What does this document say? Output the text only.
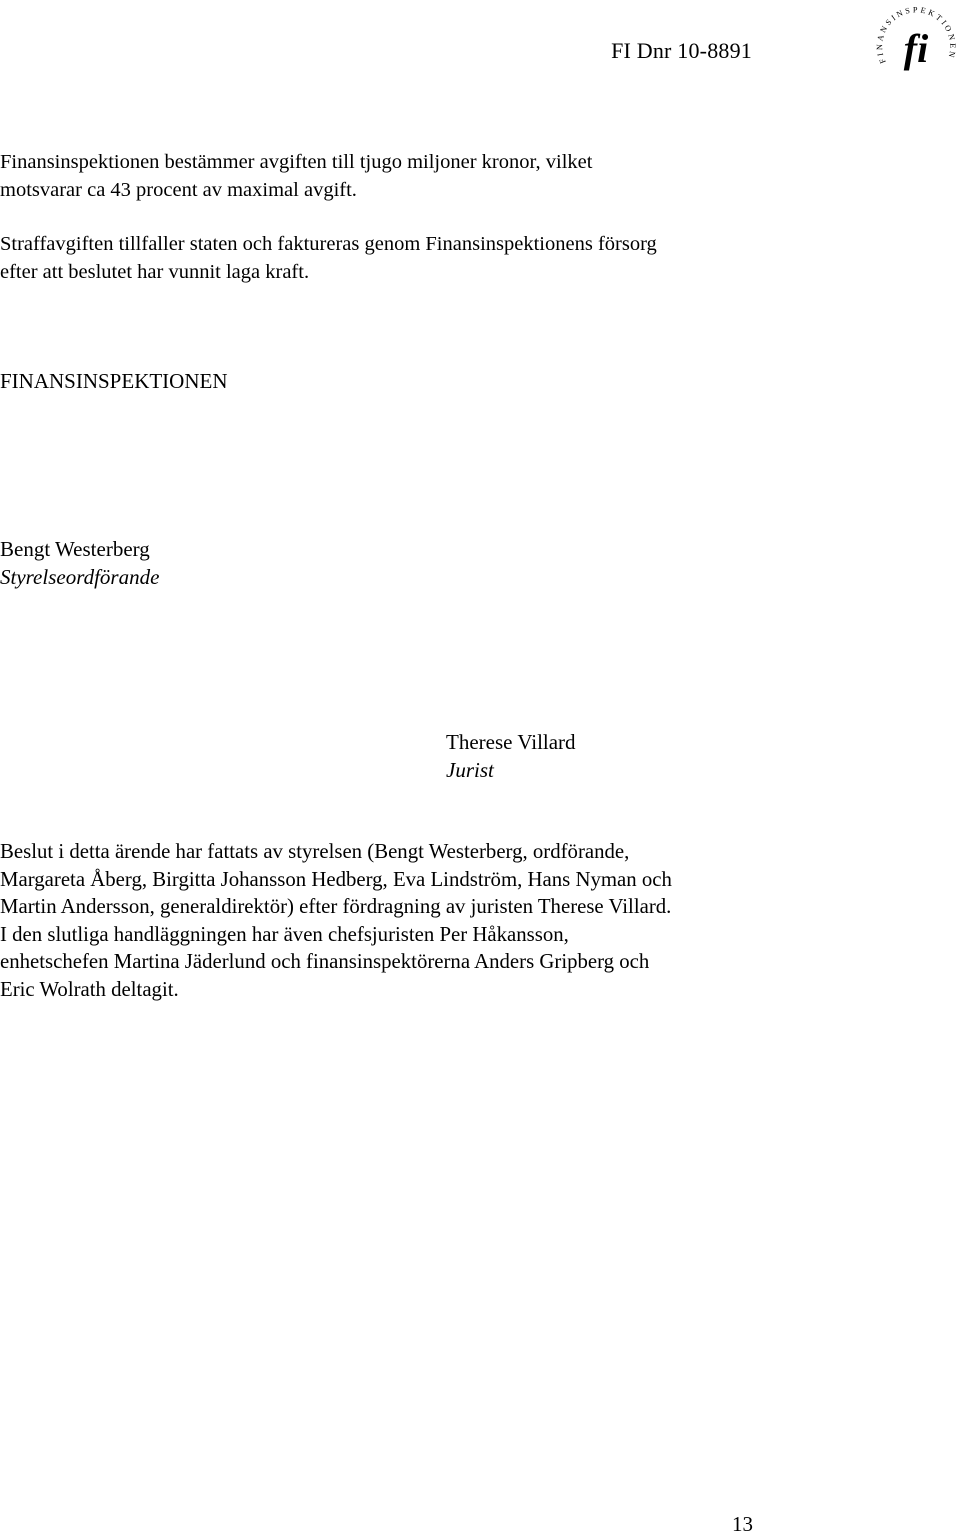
FI Dnr 10-8891	FINANSINSPEKTIONEN
fi

Finansinspektionen bestämmer avgiften till tjugo miljoner kronor, vilket
motsvarar ca 43 procent av maximal avgift.

Straffavgiften tillfaller staten och faktureras genom Finansinspektionens försorg
efter att beslutet har vunnit laga kraft.

FINANSINSPEKTIONEN
Bengt Westerberg
Styrelseordförande
Therese Villard
Jurist
Beslut i detta ärende har fattats av styrelsen (Bengt Westerberg, ordförande,
Margareta Åberg, Birgitta Johansson Hedberg, Eva Lindström, Hans Nyman och
Martin Andersson, generaldirektör) efter fördragning av juristen Therese Villard.
I den slutliga handläggningen har även chefsjuristen Per Håkansson,
enhetschefen Martina Jäderlund och finansinspektörerna Anders Gripberg och
Eric Wolrath deltagit.
13
